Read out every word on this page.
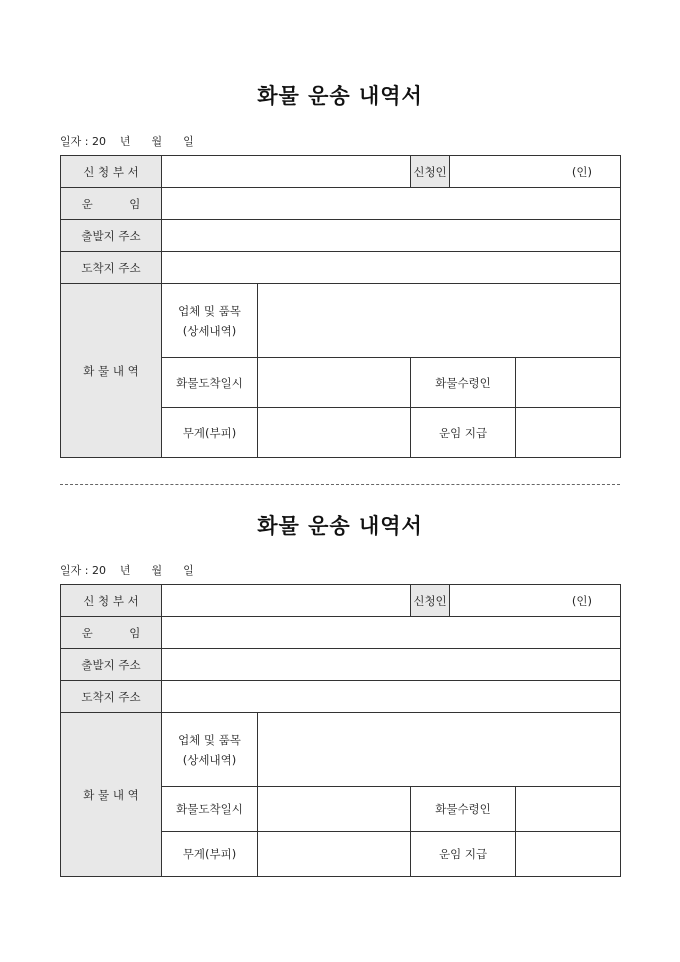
화물 운송 내역서
일자 : 20    년      월      일
신 청 부 서			신청인	(인)	
운          임					
출발지 주소					
도착지 주소					
화 물 내 역	업체 및 품목
(상세내역)				

	화물도착일시		화물수령인		
	무게(부피)		운임 지급		
화물 운송 내역서
일자 : 20    년      월      일
신 청 부 서			신청인	(인)	
운          임					
출발지 주소					
도착지 주소					
화 물 내 역	업체 및 품목
(상세내역)				

	화물도착일시		화물수령인		
	무게(부피)		운임 지급		
